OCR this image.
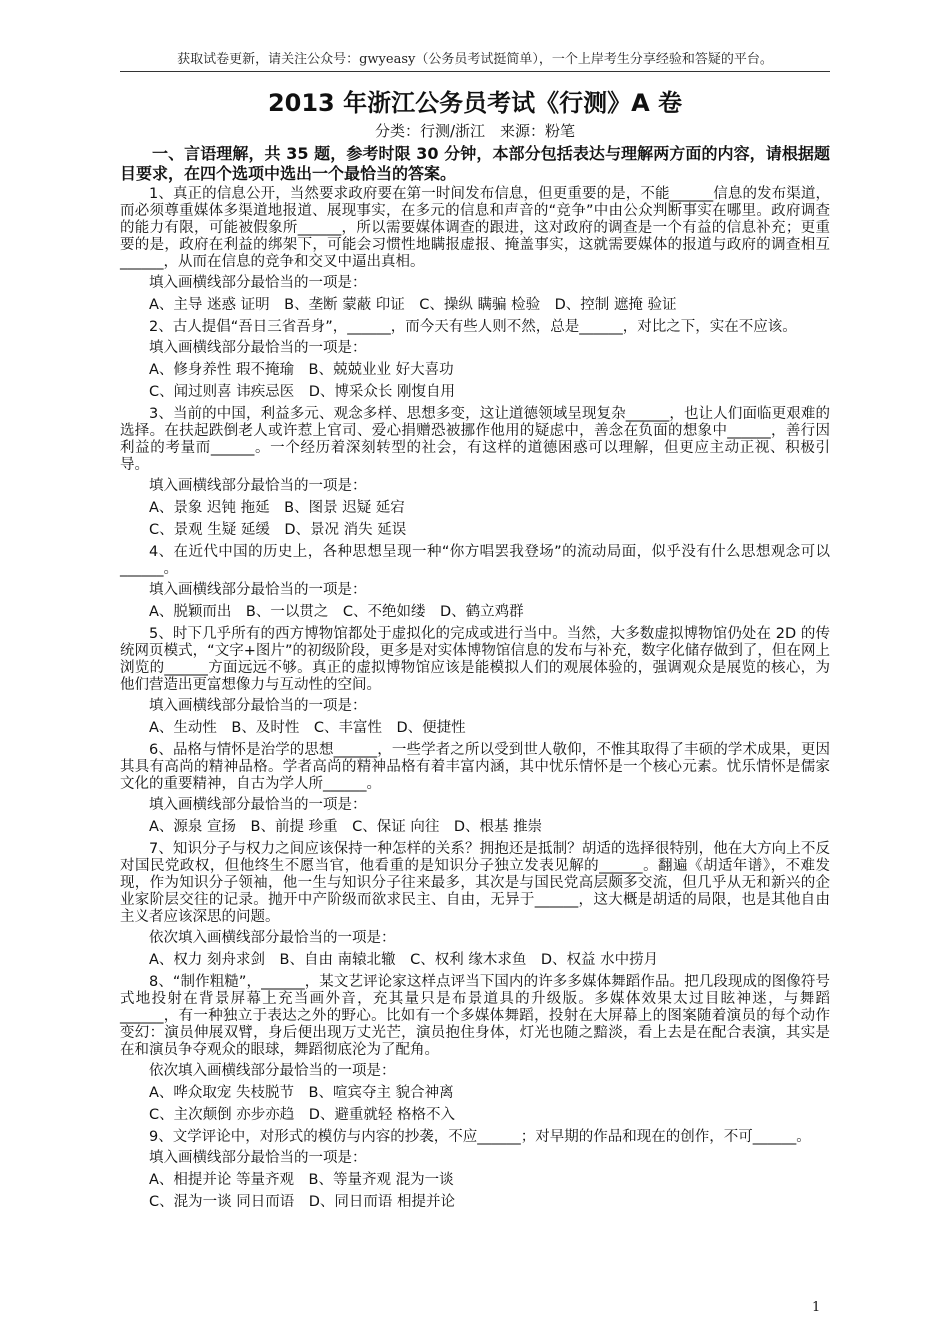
获取试卷更新，请关注公众号：gwyeasy（公务员考试挺简单），一个上岸考生分享经验和答疑的平台。
2013 年浙江公务员考试《行测》A 卷

分类：行测/浙江　来源：粉笔

一、言语理解，共 35 题，参考时限 30 分钟，本部分包括表达与理解两方面的内容，请根据题目要求，在四个选项中选出一个最恰当的答案。

1、真正的信息公开，当然要求政府要在第一时间发布信息，但更重要的是，不能______信息的发布渠道，而必须尊重媒体多渠道地报道、展现事实，在多元的信息和声音的“竞争”中由公众判断事实在哪里。政府调查的能力有限，可能被假象所______，所以需要媒体调查的跟进，这对政府的调查是一个有益的信息补充；更重要的是，政府在利益的绑架下，可能会习惯性地瞒报虚报、掩盖事实，这就需要媒体的报道与政府的调查相互______，从而在信息的竞争和交叉中逼出真相。

填入画横线部分最恰当的一项是：

A、主导 迷惑 证明　B、垄断 蒙蔽 印证　C、操纵 瞒骗 检验　D、控制 遮掩 验证

2、古人提倡“吾日三省吾身”，______，而今天有些人则不然，总是______，对比之下，实在不应该。

填入画横线部分最恰当的一项是：

A、修身养性 瑕不掩瑜　B、兢兢业业 好大喜功

C、闻过则喜 讳疾忌医　D、博采众长 刚愎自用

3、当前的中国，利益多元、观念多样、思想多变，这让道德领域呈现复杂______，也让人们面临更艰难的选择。在扶起跌倒老人或许惹上官司、爱心捐赠恐被挪作他用的疑虑中，善念在负面的想象中______，善行因利益的考量而______。一个经历着深刻转型的社会，有这样的道德困惑可以理解，但更应主动正视、积极引导。

填入画横线部分最恰当的一项是：

A、景象 迟钝 拖延　B、图景 迟疑 延宕

C、景观 生疑 延缓　D、景况 消失 延误

4、在近代中国的历史上，各种思想呈现一种“你方唱罢我登场”的流动局面，似乎没有什么思想观念可以______。

填入画横线部分最恰当的一项是：

A、脱颖而出　B、一以贯之　C、不绝如缕　D、鹤立鸡群

5、时下几乎所有的西方博物馆都处于虚拟化的完成或进行当中。当然，大多数虚拟博物馆仍处在 2D 的传统网页模式，“文字+图片”的初级阶段，更多是对实体博物馆信息的发布与补充，数字化储存做到了，但在网上浏览的______方面远远不够。真正的虚拟博物馆应该是能模拟人们的观展体验的，强调观众是展览的核心，为他们营造出更富想像力与互动性的空间。

填入画横线部分最恰当的一项是：

A、生动性　B、及时性　C、丰富性　D、便捷性

6、品格与情怀是治学的思想______，一些学者之所以受到世人敬仰，不惟其取得了丰硕的学术成果，更因其具有高尚的精神品格。学者高尚的精神品格有着丰富内涵，其中忧乐情怀是一个核心元素。忧乐情怀是儒家文化的重要精神，自古为学人所______。

填入画横线部分最恰当的一项是：

A、源泉 宣扬　B、前提 珍重　C、保证 向往　D、根基 推崇

7、知识分子与权力之间应该保持一种怎样的关系？拥抱还是抵制？胡适的选择很特别，他在大方向上不反对国民党政权，但他终生不愿当官，他看重的是知识分子独立发表见解的______。翻遍《胡适年谱》，不难发现，作为知识分子领袖，他一生与知识分子往来最多，其次是与国民党高层颇多交流，但几乎从无和新兴的企业家阶层交往的记录。抛开中产阶级而欲求民主、自由，无异于______，这大概是胡适的局限，也是其他自由主义者应该深思的问题。

依次填入画横线部分最恰当的一项是：

A、权力 刻舟求剑　B、自由 南辕北辙　C、权利 缘木求鱼　D、权益 水中捞月

8、“制作粗糙”，______，某文艺评论家这样点评当下国内的许多多媒体舞蹈作品。把几段现成的图像符号式地投射在背景屏幕上充当画外音，充其量只是布景道具的升级版。多媒体效果太过目眩神迷，与舞蹈______，有一种独立于表达之外的野心。比如有一个多媒体舞蹈，投射在大屏幕上的图案随着演员的每个动作变幻：演员伸展双臂，身后便出现万丈光芒，演员抱住身体，灯光也随之黯淡，看上去是在配合表演，其实是在和演员争夺观众的眼球，舞蹈彻底沦为了配角。

依次填入画横线部分最恰当的一项是：

A、哗众取宠 失枝脱节　B、喧宾夺主 貌合神离

C、主次颠倒 亦步亦趋　D、避重就轻 格格不入

9、文学评论中，对形式的模仿与内容的抄袭，不应______；对早期的作品和现在的创作，不可______。

填入画横线部分最恰当的一项是：

A、相提并论 等量齐观　B、等量齐观 混为一谈

C、混为一谈 同日而语　D、同日而语 相提并论

1
